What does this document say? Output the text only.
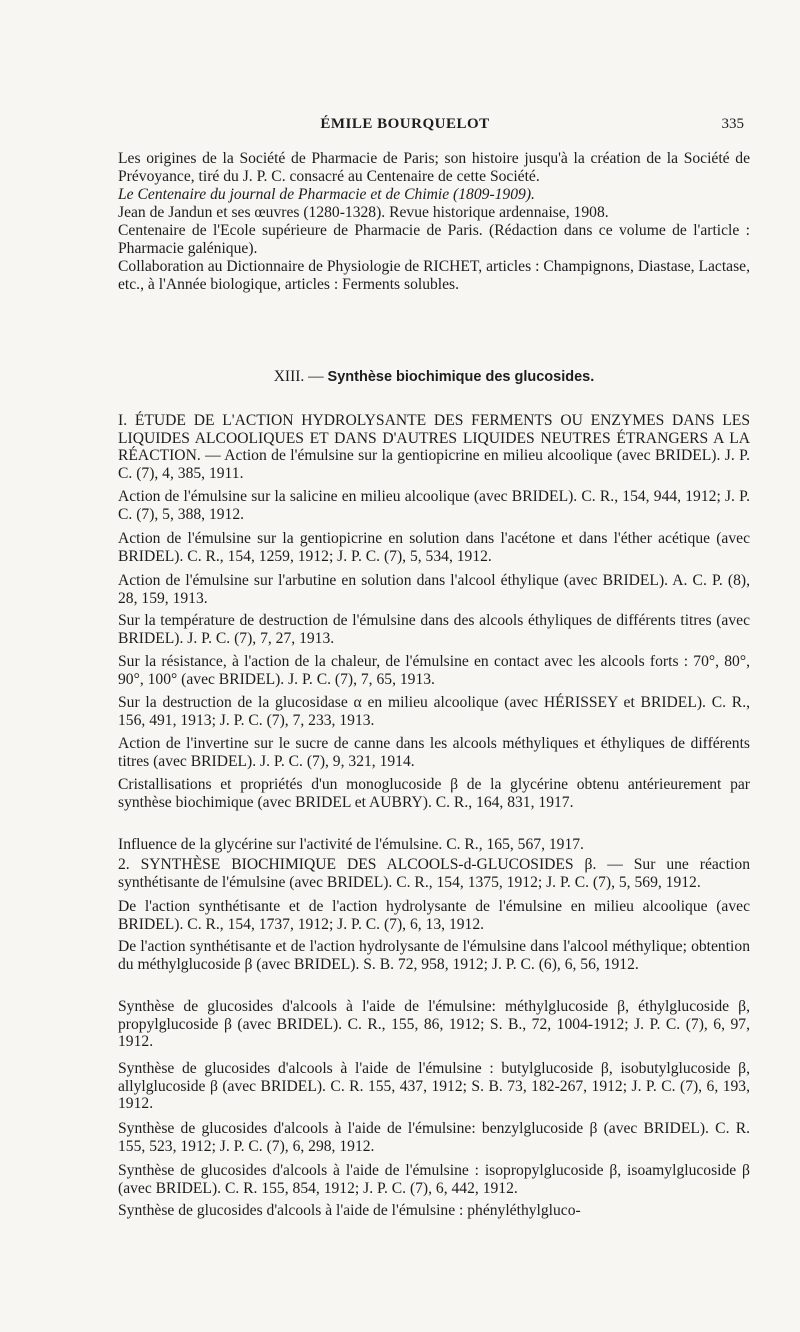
ÉMILE BOURQUELOT	335

Les origines de la Société de Pharmacie de Paris; son histoire jusqu'à la création de la Société de Prévoyance, tiré du J. P. C. consacré au Centenaire de cette Société.

Le Centenaire du journal de Pharmacie et de Chimie (1809-1909).

Jean de Jandun et ses œuvres (1280-1328). Revue historique ardennaise, 1908.

Centenaire de l'Ecole supérieure de Pharmacie de Paris. (Rédaction dans ce volume de l'article : Pharmacie galénique).

Collaboration au Dictionnaire de Physiologie de RICHET, articles : Champignons, Diastase, Lactase, etc., à l'Année biologique, articles : Ferments solubles.

XIII. — Synthèse biochimique des glucosides.
I. ÉTUDE DE L'ACTION HYDROLYSANTE DES FERMENTS OU ENZYMES DANS LES LIQUIDES ALCOOLIQUES ET DANS D'AUTRES LIQUIDES NEUTRES ÉTRANGERS A LA RÉACTION. — Action de l'émulsine sur la gentiopicrine en milieu alcoolique (avec BRIDEL). J. P. C. (7), 4, 385, 1911.
Action de l'émulsine sur la salicine en milieu alcoolique (avec BRIDEL). C. R., 154, 944, 1912; J. P. C. (7), 5, 388, 1912.
Action de l'émulsine sur la gentiopicrine en solution dans l'acétone et dans l'éther acétique (avec BRIDEL). C. R., 154, 1259, 1912; J. P. C. (7), 5, 534, 1912.
Action de l'émulsine sur l'arbutine en solution dans l'alcool éthylique (avec BRIDEL). A. C. P. (8), 28, 159, 1913.
Sur la température de destruction de l'émulsine dans des alcools éthyliques de différents titres (avec BRIDEL). J. P. C. (7), 7, 27, 1913.
Sur la résistance, à l'action de la chaleur, de l'émulsine en contact avec les alcools forts : 70°, 80°, 90°, 100° (avec BRIDEL). J. P. C. (7), 7, 65, 1913.
Sur la destruction de la glucosidase α en milieu alcoolique (avec HÉRISSEY et BRIDEL). C. R., 156, 491, 1913; J. P. C. (7), 7, 233, 1913.
Action de l'invertine sur le sucre de canne dans les alcools méthyliques et éthyliques de différents titres (avec BRIDEL). J. P. C. (7), 9, 321, 1914.
Cristallisations et propriétés d'un monoglucoside β de la glycérine obtenu antérieurement par synthèse biochimique (avec BRIDEL et AUBRY). C. R., 164, 831, 1917.
Influence de la glycérine sur l'activité de l'émulsine. C. R., 165, 567, 1917.
2. SYNTHÈSE BIOCHIMIQUE DES ALCOOLS-d-GLUCOSIDES β. — Sur une réaction synthétisante de l'émulsine (avec BRIDEL). C. R., 154, 1375, 1912; J. P. C. (7), 5, 569, 1912.
De l'action synthétisante et de l'action hydrolysante de l'émulsine en milieu alcoolique (avec BRIDEL). C. R., 154, 1737, 1912; J. P. C. (7), 6, 13, 1912.
De l'action synthétisante et de l'action hydrolysante de l'émulsine dans l'alcool méthylique; obtention du méthylglucoside β (avec BRIDEL). S. B. 72, 958, 1912; J. P. C. (6), 6, 56, 1912.
Synthèse de glucosides d'alcools à l'aide de l'émulsine: méthylglucoside β, éthylglucoside β, propylglucoside β (avec BRIDEL). C. R., 155, 86, 1912; S. B., 72, 1004-1912; J. P. C. (7), 6, 97, 1912.
Synthèse de glucosides d'alcools à l'aide de l'émulsine : butylglucoside β, isobutylglucoside β, allylglucoside β (avec BRIDEL). C. R. 155, 437, 1912; S. B. 73, 182-267, 1912; J. P. C. (7), 6, 193, 1912.
Synthèse de glucosides d'alcools à l'aide de l'émulsine: benzylglucoside β (avec BRIDEL). C. R. 155, 523, 1912; J. P. C. (7), 6, 298, 1912.
Synthèse de glucosides d'alcools à l'aide de l'émulsine : isopropylglucoside β, isoamylglucoside β (avec BRIDEL). C. R. 155, 854, 1912; J. P. C. (7), 6, 442, 1912.
Synthèse de glucosides d'alcools à l'aide de l'émulsine : phényléthylgluco-
